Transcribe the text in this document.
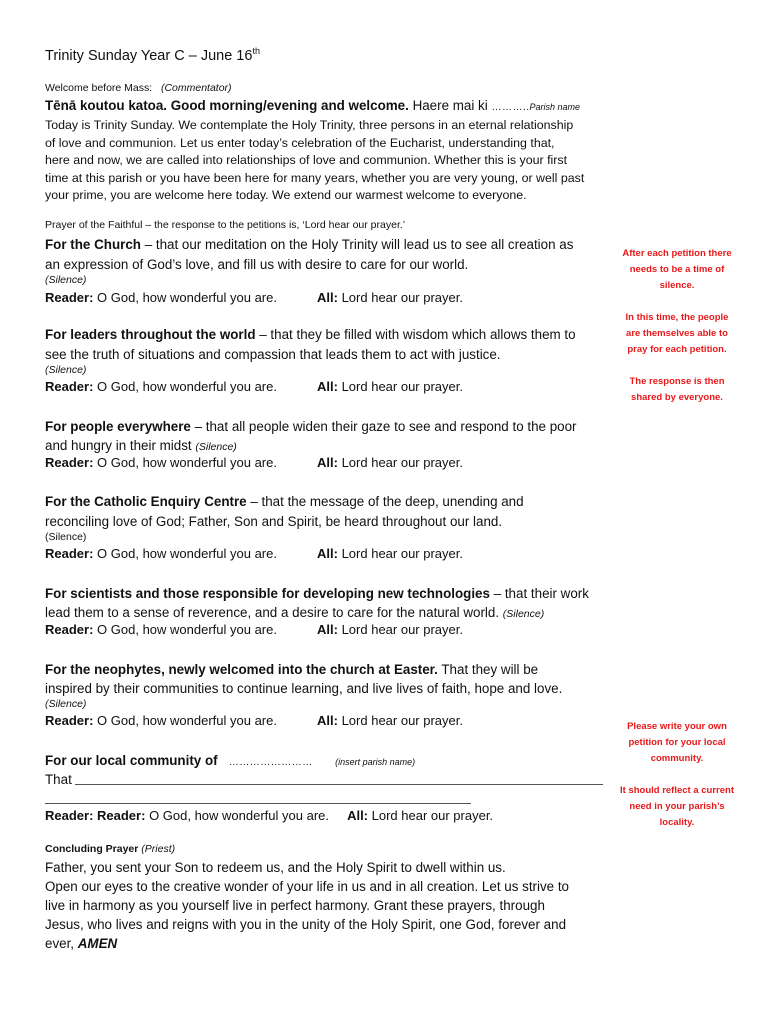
Trinity Sunday Year C – June 16th
Welcome before Mass: (Commentator)
Tēnā koutou katoa. Good morning/evening and welcome. Haere mai ki ………..Parish name
Today is Trinity Sunday. We contemplate the Holy Trinity, three persons in an eternal relationship
of love and communion. Let us enter today’s celebration of the Eucharist, understanding that,
here and now, we are called into relationships of love and communion. Whether this is your first
time at this parish or you have been here for many years, whether you are very young, or well past
your prime, you are welcome here today. We extend our warmest welcome to everyone.
Prayer of the Faithful – the response to the petitions is, ‘Lord hear our prayer.’
For the Church – that our meditation on the Holy Trinity will lead us to see all creation as
an expression of God’s love, and fill us with desire to care for our world.
(Silence)
Reader: O God, how wonderful you are.	All: Lord hear our prayer.
For leaders throughout the world – that they be filled with wisdom which allows them to
see the truth of situations and compassion that leads them to act with justice.
(Silence)
Reader: O God, how wonderful you are.	All: Lord hear our prayer.
For people everywhere – that all people widen their gaze to see and respond to the poor
and hungry in their midst (Silence)
Reader: O God, how wonderful you are.	All: Lord hear our prayer.
For the Catholic Enquiry Centre – that the message of the deep, unending and
reconciling love of God; Father, Son and Spirit, be heard throughout our land.
(Silence)
Reader: O God, how wonderful you are.	All: Lord hear our prayer.
For scientists and those responsible for developing new technologies – that their work
lead them to a sense of reverence, and a desire to care for the natural world. (Silence)
Reader: O God, how wonderful you are.	All: Lord hear our prayer.
For the neophytes, newly welcomed into the church at Easter. That they will be
inspired by their communities to continue learning, and live lives of faith, hope and love.
(Silence)
Reader: O God, how wonderful you are.	All: Lord hear our prayer.
For our local community of …………………… (insert parish name)
That
Reader: Reader: O God, how wonderful you are. All: Lord hear our prayer.
Concluding Prayer (Priest)
Father, you sent your Son to redeem us, and the Holy Spirit to dwell within us.
Open our eyes to the creative wonder of your life in us and in all creation. Let us strive to
live in harmony as you yourself live in perfect harmony. Grant these prayers, through
Jesus, who lives and reigns with you in the unity of the Holy Spirit, one God, forever and
ever, AMEN

After each petition there needs to be a time of silence.

In this time, the people are themselves able to pray for each petition.

The response is then shared by everyone.

Please write your own petition for your local community.

It should reflect a current need in your parish’s locality.
